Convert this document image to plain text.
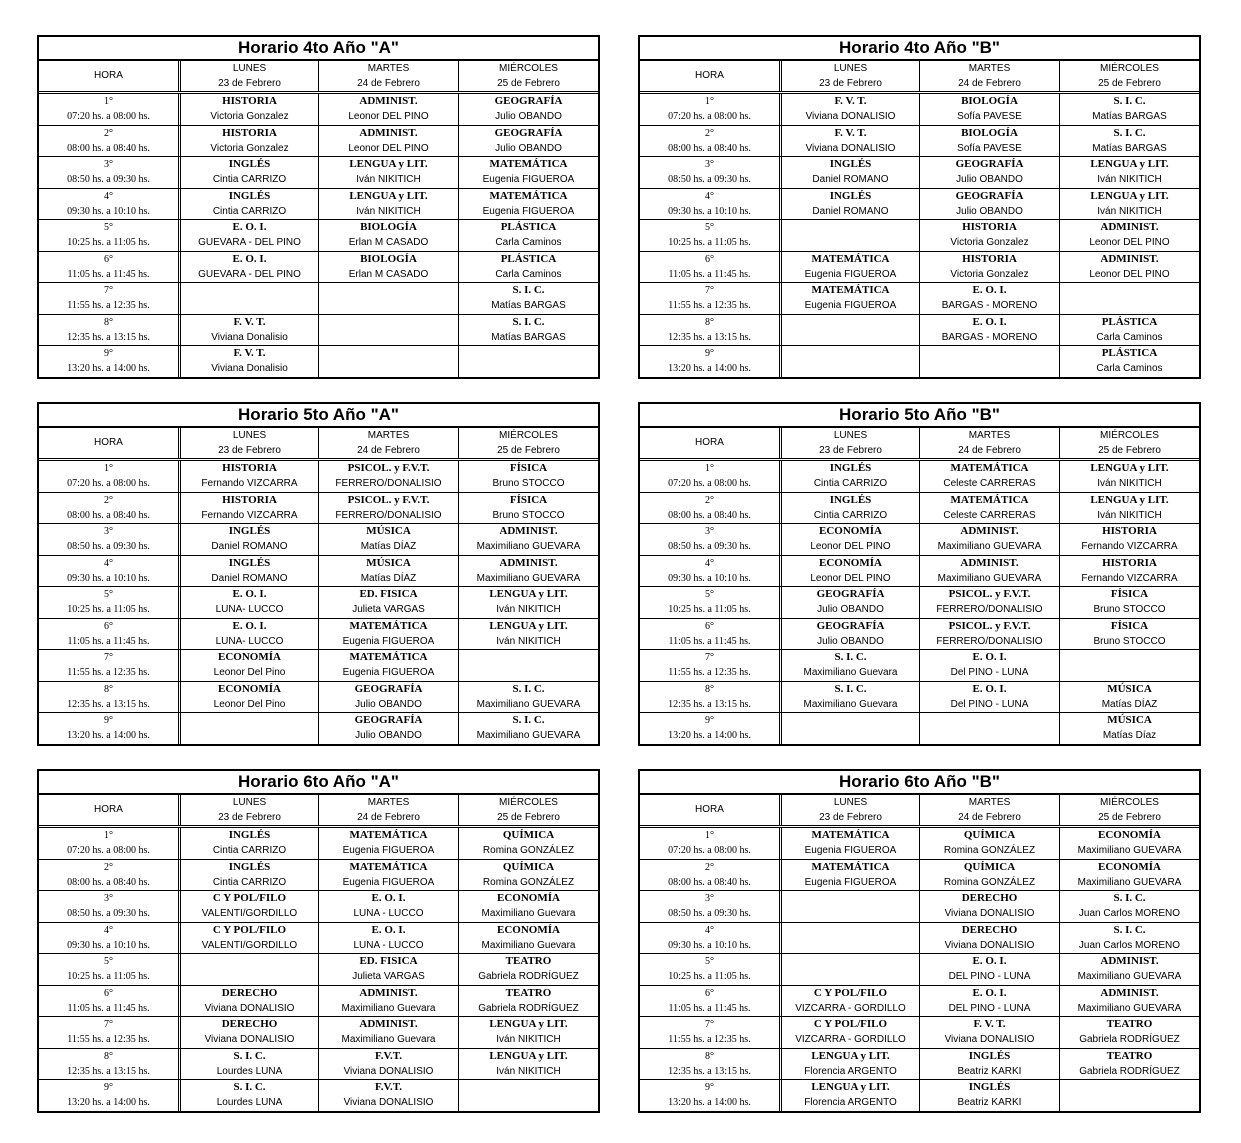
Horario 4to Año "A"
HORA
LUNES
23 de Febrero
MARTES
24 de Febrero
MIÉRCOLES
25 de Febrero
1°
07:20 hs. a 08:00 hs.
HISTORIA
Victoria Gonzalez
ADMINIST.
Leonor DEL PINO
GEOGRAFÍA
Julio OBANDO
2°
08:00 hs. a 08:40 hs.
HISTORIA
Victoria Gonzalez
ADMINIST.
Leonor DEL PINO
GEOGRAFÍA
Julio OBANDO
3°
08:50 hs. a 09:30 hs.
INGLÉS
Cintia CARRIZO
LENGUA y LIT.
Iván NIKITICH
MATEMÁTICA
Eugenia FIGUEROA
4°
09:30 hs. a 10:10 hs.
INGLÉS
Cintia CARRIZO
LENGUA y LIT.
Iván NIKITICH
MATEMÁTICA
Eugenia FIGUEROA
5°
10:25 hs. a 11:05 hs.
E. O. I.
GUEVARA - DEL PINO
BIOLOGÍA
Erlan M CASADO
PLÁSTICA
Carla Caminos
6°
11:05 hs. a 11:45 hs.
E. O. I.
GUEVARA - DEL PINO
BIOLOGÍA
Erlan M CASADO
PLÁSTICA
Carla Caminos
7°
11:55 hs. a 12:35 hs.
S. I. C.
Matías BARGAS
8°
12:35 hs. a 13:15 hs.
F. V. T.
Viviana Donalisio
S. I. C.
Matías BARGAS
9°
13:20 hs. a 14:00 hs.
F. V. T.
Viviana Donalisio
Horario 4to Año "B"
HORA
LUNES
23 de Febrero
MARTES
24 de Febrero
MIÉRCOLES
25 de Febrero
1°
07:20 hs. a 08:00 hs.
F. V. T.
Viviana DONALISIO
BIOLOGÍA
Sofía PAVESE
S. I. C.
Matías BARGAS
2°
08:00 hs. a 08:40 hs.
F. V. T.
Viviana DONALISIO
BIOLOGÍA
Sofía PAVESE
S. I. C.
Matías BARGAS
3°
08:50 hs. a 09:30 hs.
INGLÉS
Daniel ROMANO
GEOGRAFÍA
Julio OBANDO
LENGUA y LIT.
Iván NIKITICH
4°
09:30 hs. a 10:10 hs.
INGLÉS
Daniel ROMANO
GEOGRAFÍA
Julio OBANDO
LENGUA y LIT.
Iván NIKITICH
5°
10:25 hs. a 11:05 hs.
HISTORIA
Victoria Gonzalez
ADMINIST.
Leonor DEL PINO
6°
11:05 hs. a 11:45 hs.
MATEMÁTICA
Eugenia FIGUEROA
HISTORIA
Victoria Gonzalez
ADMINIST.
Leonor DEL PINO
7°
11:55 hs. a 12:35 hs.
MATEMÁTICA
Eugenia FIGUEROA
E. O. I.
BARGAS - MORENO
8°
12:35 hs. a 13:15 hs.
E. O. I.
BARGAS - MORENO
PLÁSTICA
Carla Caminos
9°
13:20 hs. a 14:00 hs.
PLÁSTICA
Carla Caminos
Horario 5to Año "A"
HORA
LUNES
23 de Febrero
MARTES
24 de Febrero
MIÉRCOLES
25 de Febrero
1°
07:20 hs. a 08:00 hs.
HISTORIA
Fernando VIZCARRA
PSICOL. y F.V.T.
FERRERO/DONALISIO
FÍSICA
Bruno STOCCO
2°
08:00 hs. a 08:40 hs.
HISTORIA
Fernando VIZCARRA
PSICOL. y F.V.T.
FERRERO/DONALISIO
FÍSICA
Bruno STOCCO
3°
08:50 hs. a 09:30 hs.
INGLÉS
Daniel ROMANO
MÚSICA
Matías DÍAZ
ADMINIST.
Maximiliano GUEVARA
4°
09:30 hs. a 10:10 hs.
INGLÉS
Daniel ROMANO
MÚSICA
Matías DÍAZ
ADMINIST.
Maximiliano GUEVARA
5°
10:25 hs. a 11:05 hs.
E. O. I.
LUNA- LUCCO
ED. FISICA
Julieta VARGAS
LENGUA y LIT.
Iván NIKITICH
6°
11:05 hs. a 11:45 hs.
E. O. I.
LUNA- LUCCO
MATEMÁTICA
Eugenia FIGUEROA
LENGUA y LIT.
Iván NIKITICH
7°
11:55 hs. a 12:35 hs.
ECONOMÍA
Leonor Del Pino
MATEMÁTICA
Eugenia FIGUEROA
8°
12:35 hs. a 13:15 hs.
ECONOMÍA
Leonor Del Pino
GEOGRAFÍA
Julio OBANDO
S. I. C.
Maximiliano GUEVARA
9°
13:20 hs. a 14:00 hs.
GEOGRAFÍA
Julio OBANDO
S. I. C.
Maximiliano GUEVARA
Horario 5to Año "B"
HORA
LUNES
23 de Febrero
MARTES
24 de Febrero
MIÉRCOLES
25 de Febrero
1°
07:20 hs. a 08:00 hs.
INGLÉS
Cintia CARRIZO
MATEMÁTICA
Celeste CARRERAS
LENGUA y LIT.
Iván NIKITICH
2°
08:00 hs. a 08:40 hs.
INGLÉS
Cintia CARRIZO
MATEMÁTICA
Celeste CARRERAS
LENGUA y LIT.
Iván NIKITICH
3°
08:50 hs. a 09:30 hs.
ECONOMÍA
Leonor DEL PINO
ADMINIST.
Maximiliano GUEVARA
HISTORIA
Fernando VIZCARRA
4°
09:30 hs. a 10:10 hs.
ECONOMÍA
Leonor DEL PINO
ADMINIST.
Maximiliano GUEVARA
HISTORIA
Fernando VIZCARRA
5°
10:25 hs. a 11:05 hs.
GEOGRAFÍA
Julio OBANDO
PSICOL. y F.V.T.
FERRERO/DONALISIO
FÍSICA
Bruno STOCCO
6°
11:05 hs. a 11:45 hs.
GEOGRAFÍA
Julio OBANDO
PSICOL. y F.V.T.
FERRERO/DONALISIO
FÍSICA
Bruno STOCCO
7°
11:55 hs. a 12:35 hs.
S. I. C.
Maximiliano Guevara
E. O. I.
Del PINO - LUNA
8°
12:35 hs. a 13:15 hs.
S. I. C.
Maximiliano Guevara
E. O. I.
Del PINO - LUNA
MÚSICA
Matías DÍAZ
9°
13:20 hs. a 14:00 hs.
MÚSICA
Matías Díaz
Horario 6to Año "A"
HORA
LUNES
23 de Febrero
MARTES
24 de Febrero
MIÉRCOLES
25 de Febrero
1°
07:20 hs. a 08:00 hs.
INGLÉS
Cintia CARRIZO
MATEMÁTICA
Eugenia FIGUEROA
QUÍMICA
Romina GONZÁLEZ
2°
08:00 hs. a 08:40 hs.
INGLÉS
Cintia CARRIZO
MATEMÁTICA
Eugenia FIGUEROA
QUÍMICA
Romina GONZÁLEZ
3°
08:50 hs. a 09:30 hs.
C Y POL/FILO
VALENTI/GORDILLO
E. O. I.
LUNA - LUCCO
ECONOMÍA
Maximiliano Guevara
4°
09:30 hs. a 10:10 hs.
C Y POL/FILO
VALENTI/GORDILLO
E. O. I.
LUNA - LUCCO
ECONOMÍA
Maximiliano Guevara
5°
10:25 hs. a 11:05 hs.
ED. FISICA
Julieta VARGAS
TEATRO
Gabriela RODRÍGUEZ
6°
11:05 hs. a 11:45 hs.
DERECHO
Viviana DONALISIO
ADMINIST.
Maximiliano Guevara
TEATRO
Gabriela RODRÍGUEZ
7°
11:55 hs. a 12:35 hs.
DERECHO
Viviana DONALISIO
ADMINIST.
Maximiliano Guevara
LENGUA y LIT.
Iván NIKITICH
8°
12:35 hs. a 13:15 hs.
S. I. C.
Lourdes LUNA
F.V.T.
Viviana DONALISIO
LENGUA y LIT.
Iván NIKITICH
9°
13:20 hs. a 14:00 hs.
S. I. C.
Lourdes LUNA
F.V.T.
Viviana DONALISIO
Horario 6to Año "B"
HORA
LUNES
23 de Febrero
MARTES
24 de Febrero
MIÉRCOLES
25 de Febrero
1°
07:20 hs. a 08:00 hs.
MATEMÁTICA
Eugenia FIGUEROA
QUÍMICA
Romina GONZÁLEZ
ECONOMÍA
Maximiliano GUEVARA
2°
08:00 hs. a 08:40 hs.
MATEMÁTICA
Eugenia FIGUEROA
QUÍMICA
Romina GONZÁLEZ
ECONOMÍA
Maximiliano GUEVARA
3°
08:50 hs. a 09:30 hs.
DERECHO
Viviana DONALISIO
S. I. C.
Juan Carlos MORENO
4°
09:30 hs. a 10:10 hs.
DERECHO
Viviana DONALISIO
S. I. C.
Juan Carlos MORENO
5°
10:25 hs. a 11:05 hs.
E. O. I.
DEL PINO - LUNA
ADMINIST.
Maximiliano GUEVARA
6°
11:05 hs. a 11:45 hs.
C Y POL/FILO
VIZCARRA - GORDILLO
E. O. I.
DEL PINO - LUNA
ADMINIST.
Maximiliano GUEVARA
7°
11:55 hs. a 12:35 hs.
C Y POL/FILO
VIZCARRA - GORDILLO
F. V. T.
Viviana DONALISIO
TEATRO
Gabriela RODRÍGUEZ
8°
12:35 hs. a 13:15 hs.
LENGUA y LIT.
Florencia ARGENTO
INGLÉS
Beatriz KARKI
TEATRO
Gabriela RODRÍGUEZ
9°
13:20 hs. a 14:00 hs.
LENGUA y LIT.
Florencia ARGENTO
INGLÉS
Beatriz KARKI
